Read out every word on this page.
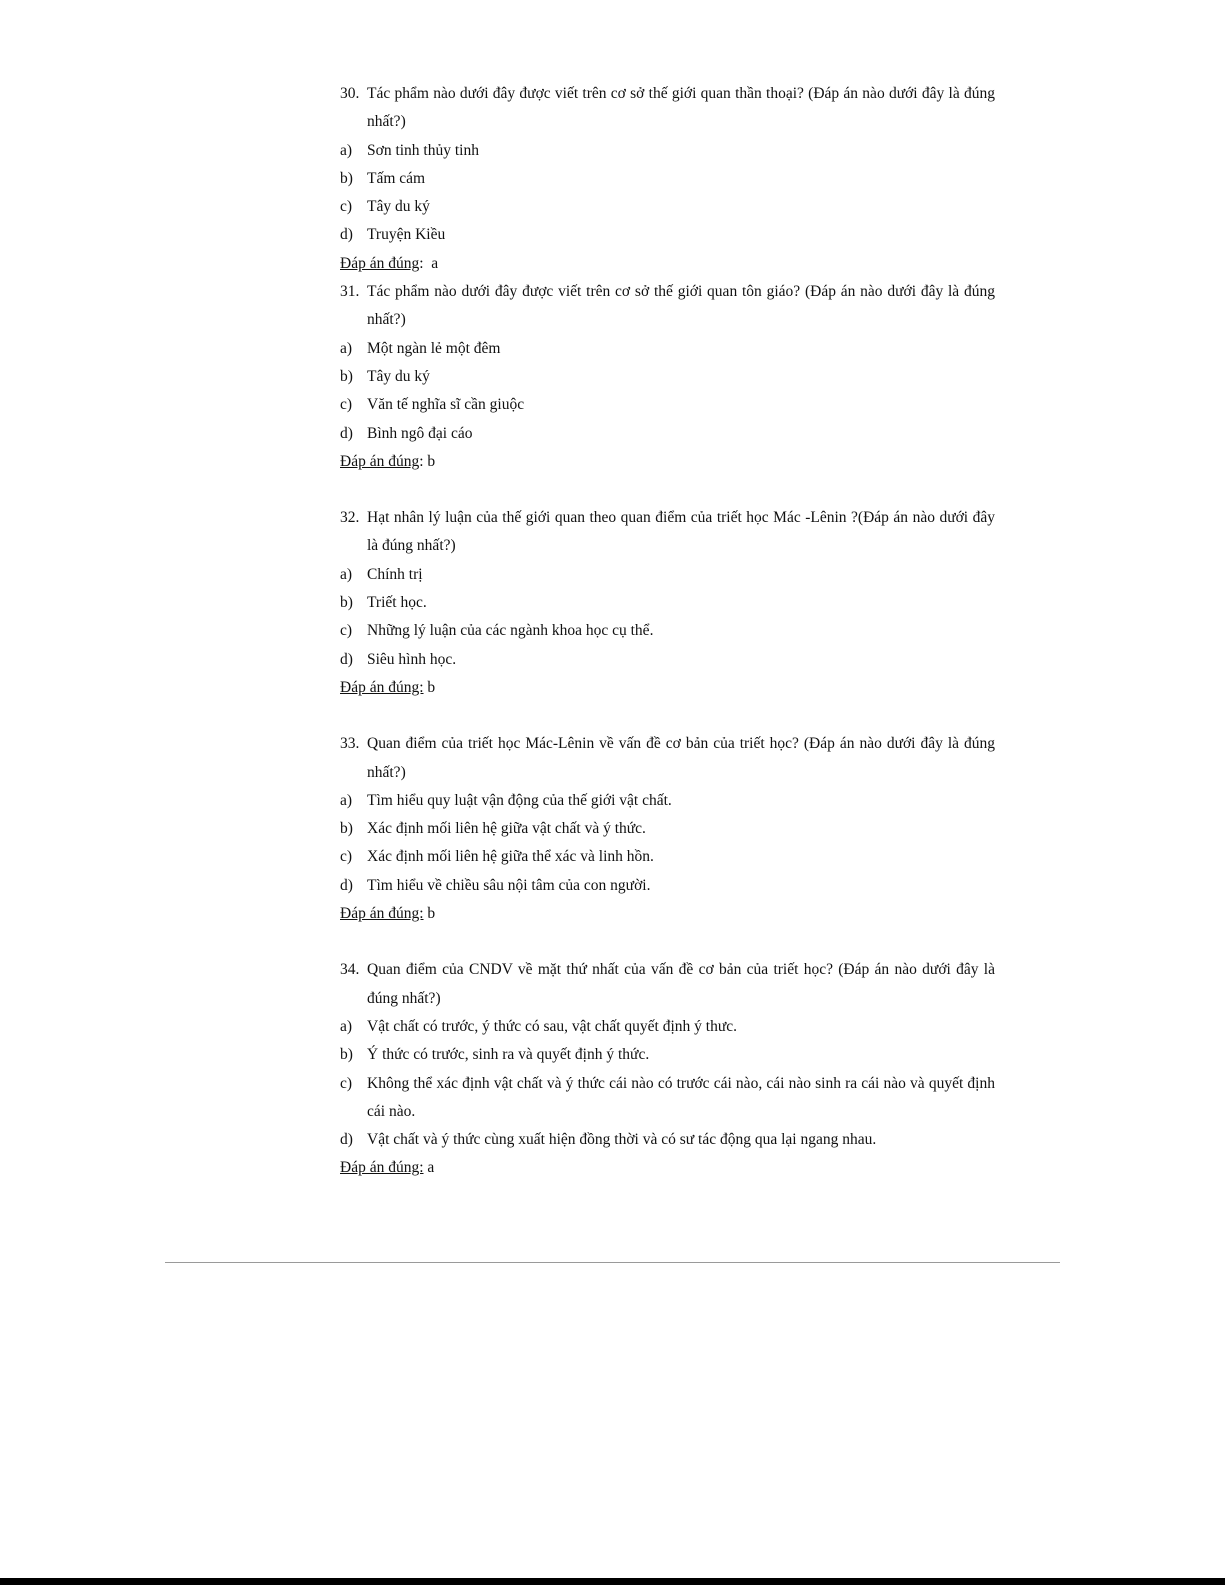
30. Tác phẩm nào dưới đây được viết trên cơ sở thế giới quan thần thoại? (Đáp án nào dưới đây là đúng nhất?)
a) Sơn tinh thủy tinh
b) Tấm cám
c) Tây du ký
d) Truyện Kiều
Đáp án đúng:  a
31. Tác phẩm nào dưới đây được viết trên cơ sở thế giới quan tôn giáo? (Đáp án nào dưới đây là đúng nhất?)
a) Một ngàn lẻ một đêm
b) Tây du ký
c) Văn tế nghĩa sĩ cần giuộc
d) Bình ngô đại cáo
Đáp án đúng: b
32. Hạt nhân lý luận của thế giới quan theo quan điểm của triết học Mác -Lênin ?(Đáp án nào dưới đây là đúng nhất?)
a) Chính trị
b) Triết học.
c) Những lý luận của các ngành khoa học cụ thể.
d) Siêu hình học.
Đáp án đúng: b
33. Quan điểm của triết học Mác-Lênin về vấn đề cơ bản của triết học? (Đáp án nào dưới đây là đúng nhất?)
a) Tìm hiểu quy luật vận động của thế giới vật chất.
b) Xác định mối liên hệ giữa vật chất và ý thức.
c) Xác định mối liên hệ giữa thể xác và linh hồn.
d) Tìm hiểu về chiều sâu nội tâm của con người.
Đáp án đúng: b
34. Quan điểm của CNDV về mặt thứ nhất của vấn đề cơ bản của triết học? (Đáp án nào dưới đây là đúng nhất?)
a) Vật chất có trước, ý thức có sau, vật chất quyết định ý thưc.
b) Ý thức có trước, sinh ra và quyết định ý thức.
c) Không thể xác định vật chất và ý thức cái nào có trước cái nào, cái nào sinh ra cái nào và quyết định cái nào.
d) Vật chất và ý thức cùng xuất hiện đồng thời và có sư tác động qua lại ngang nhau.
Đáp án đúng: a
